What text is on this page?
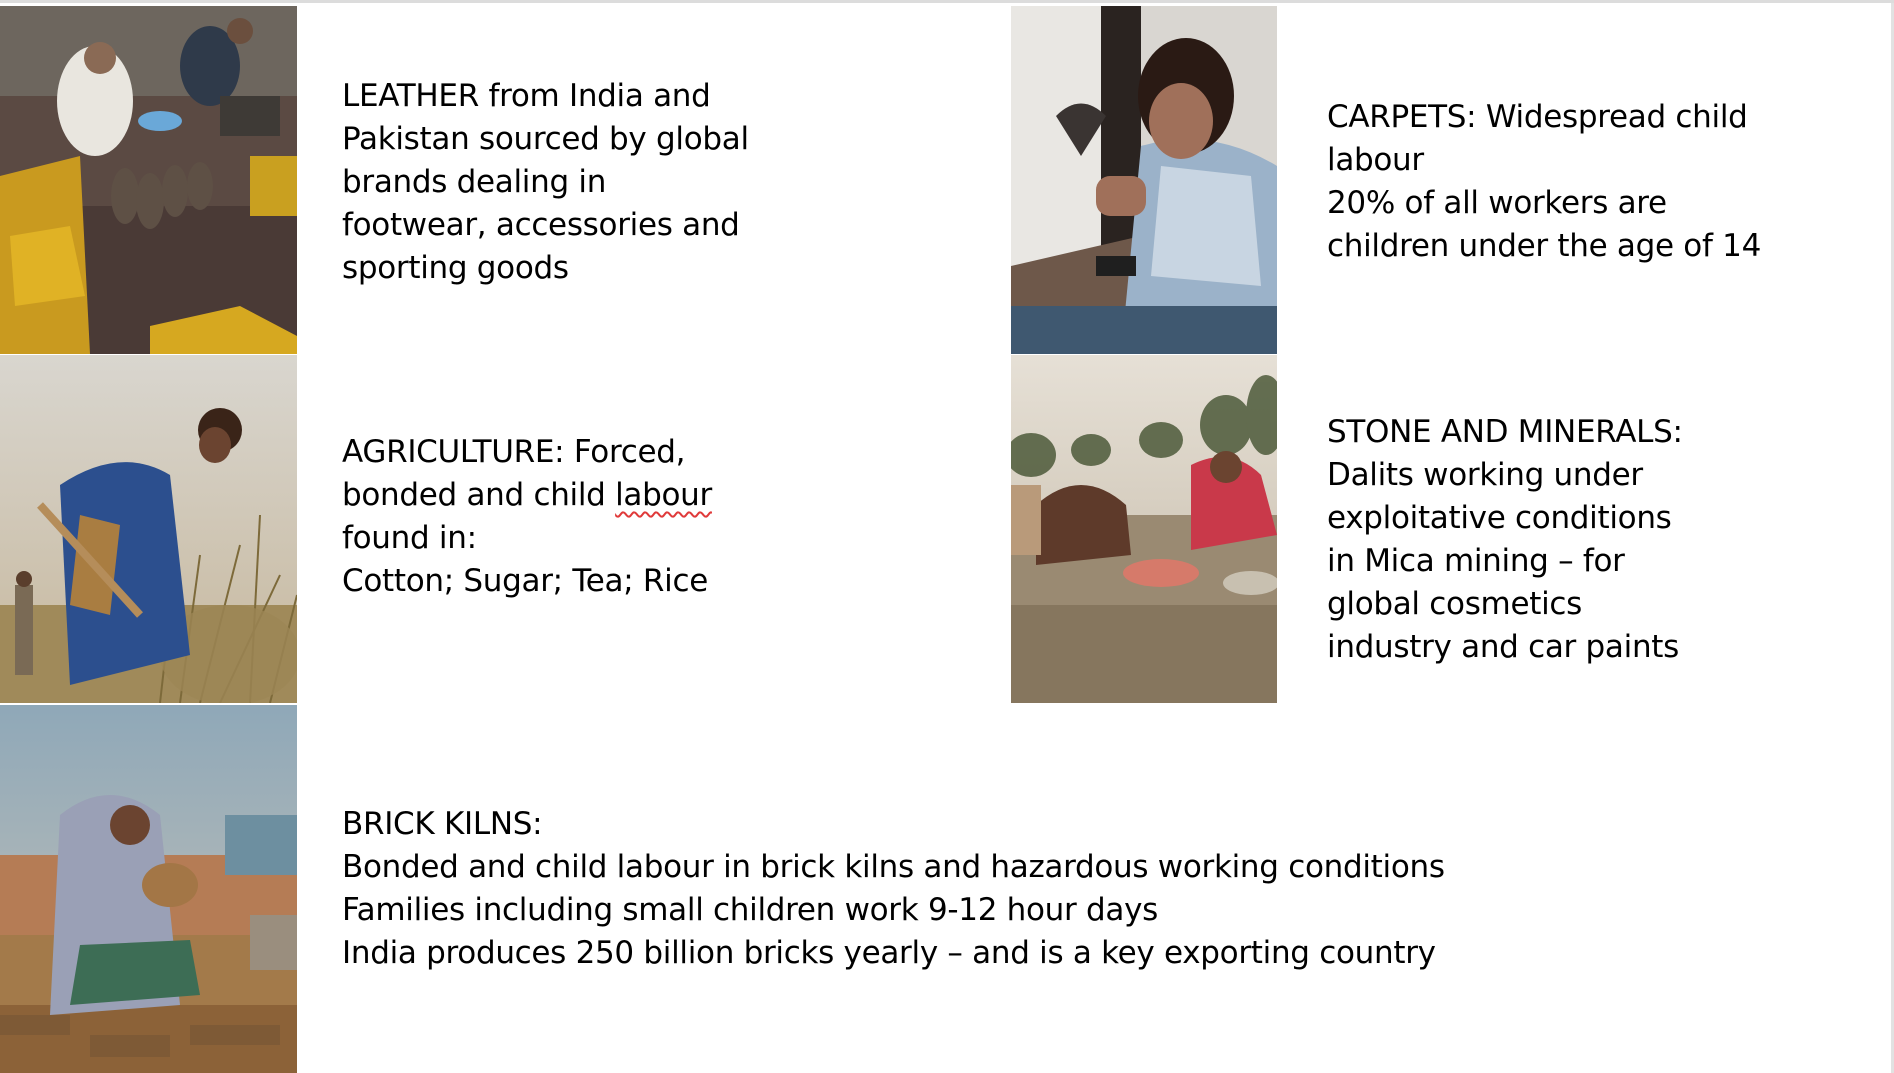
LEATHER from India and
Pakistan sourced by global
brands dealing in
footwear, accessories and
sporting goods
AGRICULTURE: Forced,
bonded and child labour
found in:
Cotton; Sugar; Tea; Rice
BRICK KILNS:
Bonded and child labour in brick kilns and hazardous working conditions
Families including small children work 9-12 hour days
India produces 250 billion bricks yearly – and is a key exporting country
CARPETS: Widespread child
labour
20% of all workers are
children under the age of 14
STONE AND MINERALS:
Dalits working under
exploitative conditions
in Mica mining – for
global cosmetics
industry and car paints
